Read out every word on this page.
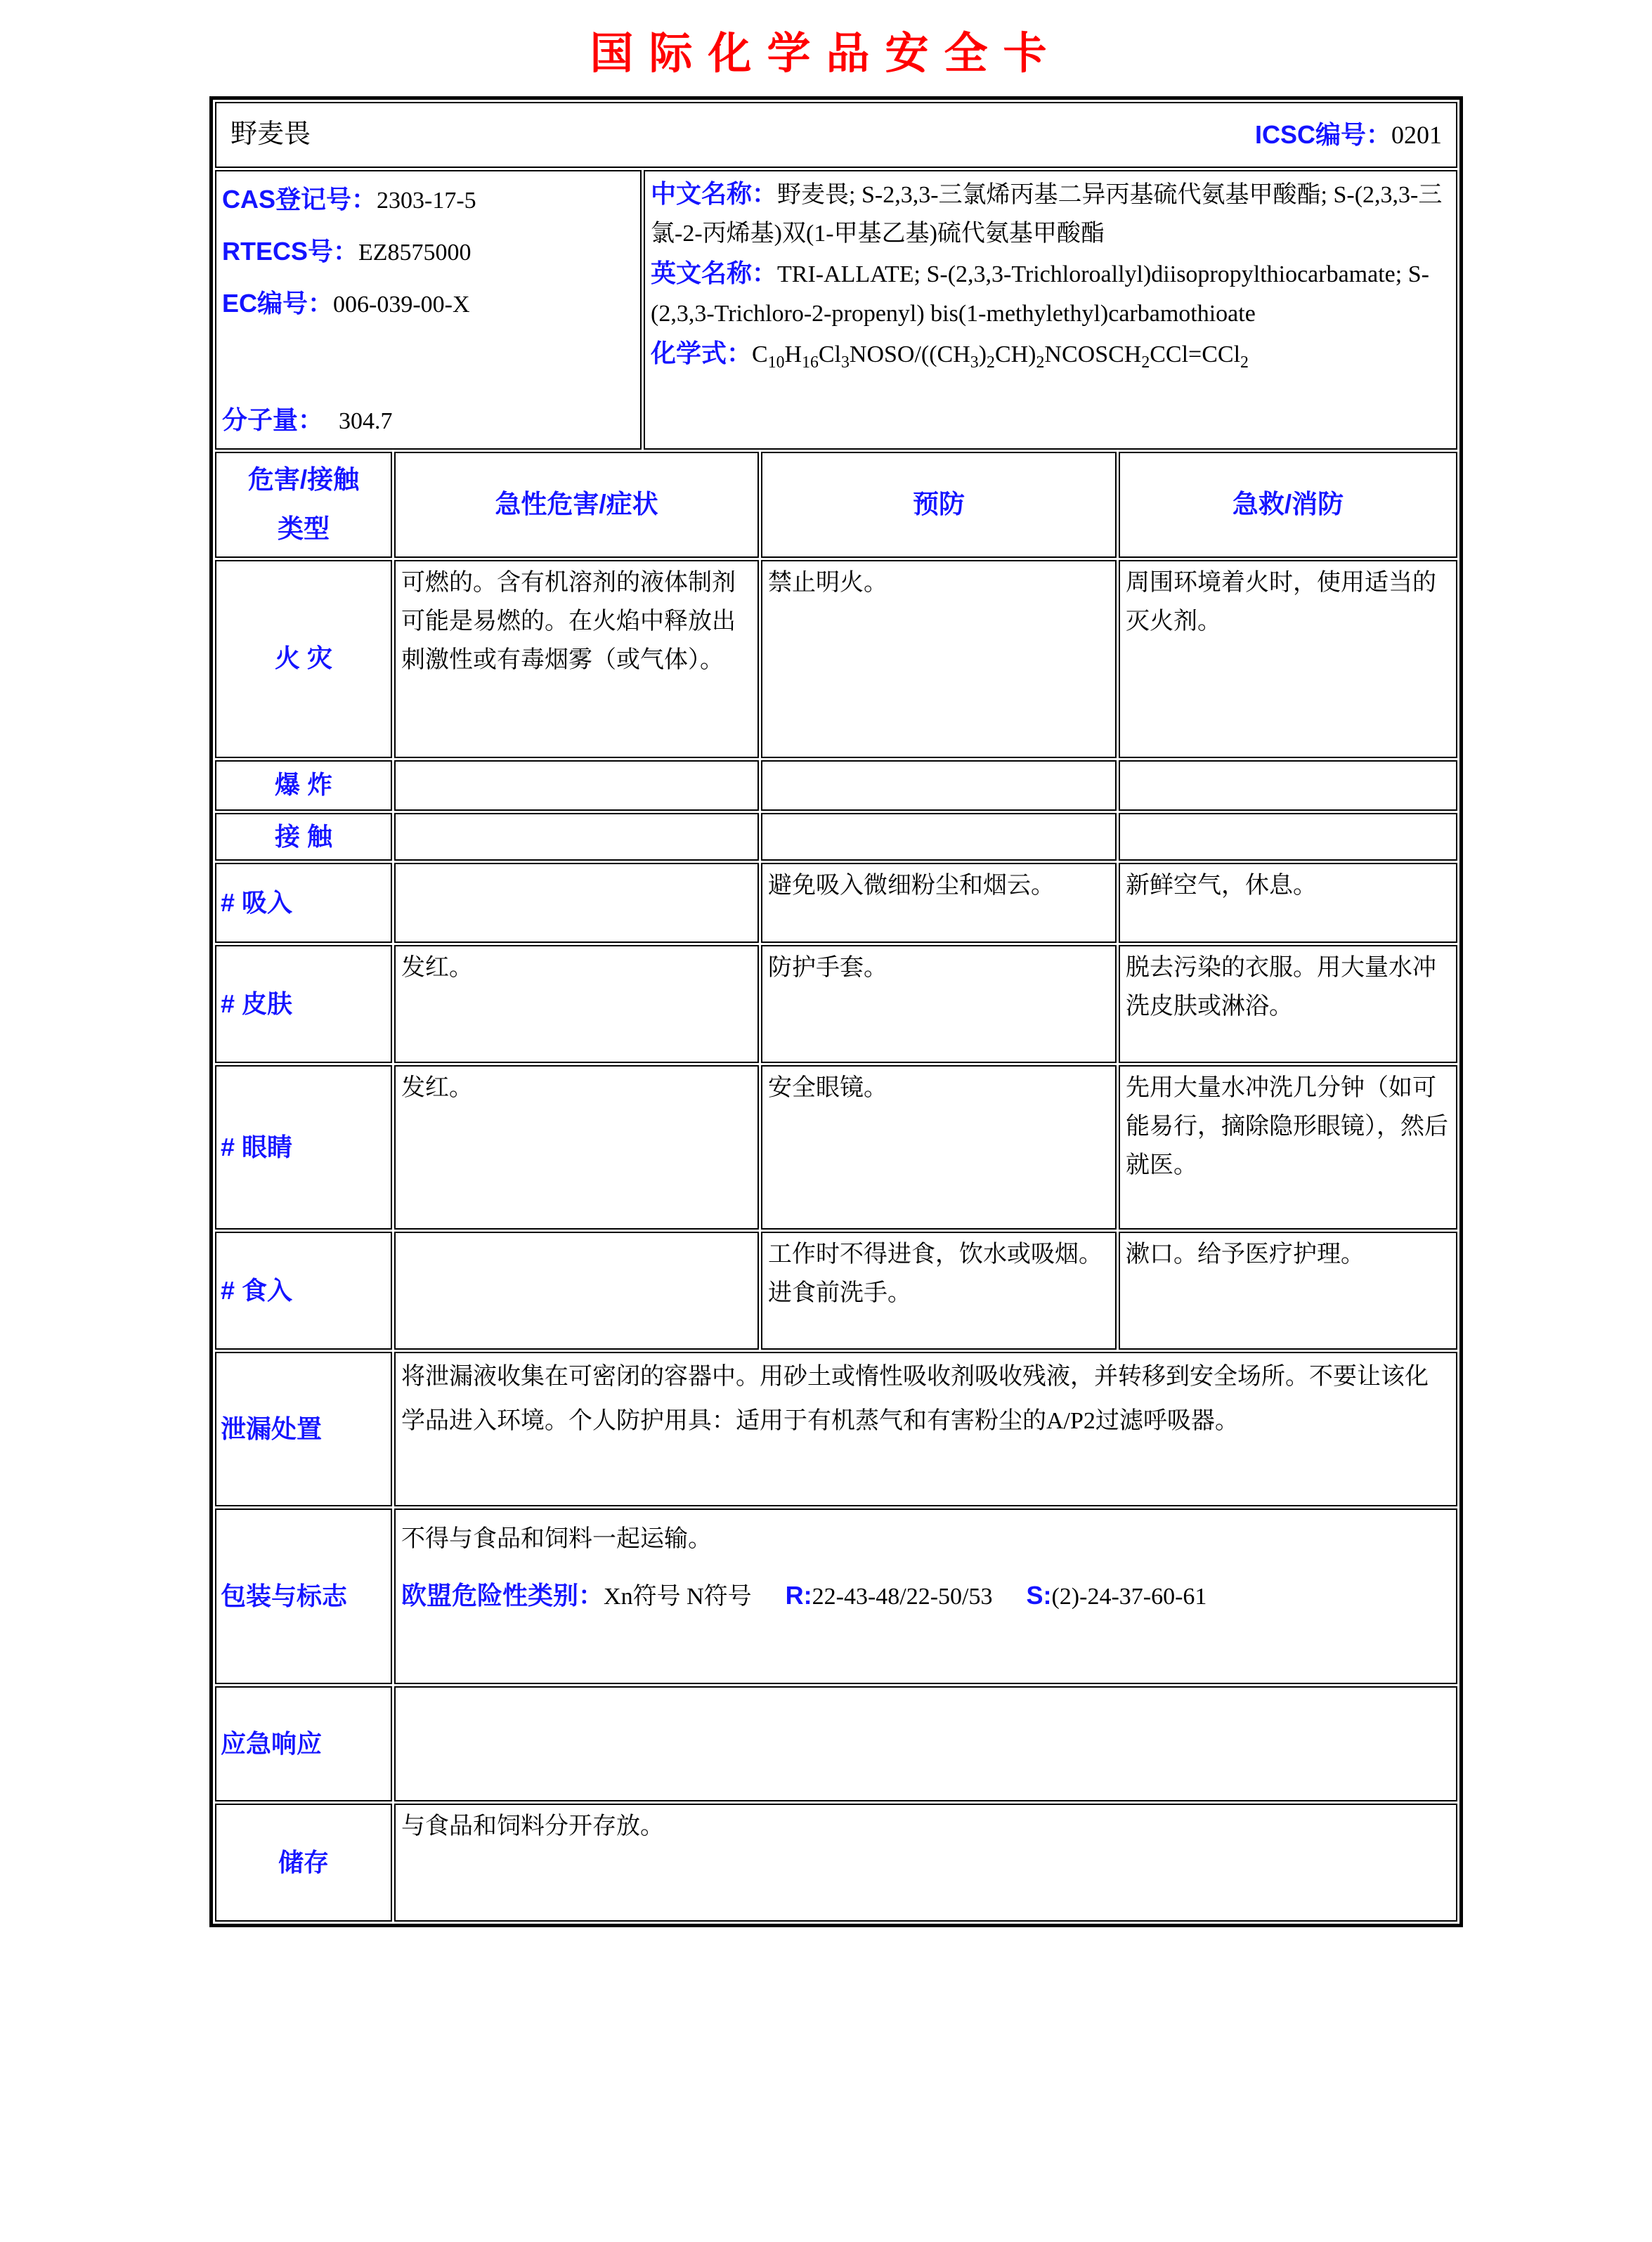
国际化学品安全卡
野麦畏 ICSC编号：0201				

CAS登记号：2303-17-5
RTECS号：EZ8575000
EC编号：006-039-00-X
分子量： 304.7

中文名称：野麦畏; S-2,3,3-三氯烯丙基二异丙基硫代氨基甲酸酯; S-(2,3,3-三氯-2-丙烯基)双(1-甲基乙基)硫代氨基甲酸酯
英文名称：TRI-ALLATE; S-(2,3,3-Trichloroallyl)diisopropylthiocarbamate; S-(2,3,3-Trichloro-2-propenyl) bis(1-methylethyl)carbamothioate
化学式：$C_{10}H_{16}Cl_3NOSO/((CH_3)_2CH)_2NCOSCH_2CCl=CCl_2$

危害/接触
类型	急性危害/症状		预防	急救/消防
火 灾	可燃的。含有机溶剂的液体制剂可能是易燃的。在火焰中释放出刺激性或有毒烟雾（或气体）。		禁止明火。	周围环境着火时，使用适当的灭火剂。
爆 炸				
接 触				
# 吸入			避免吸入微细粉尘和烟云。	新鲜空气，休息。
# 皮肤	发红。		防护手套。	脱去污染的衣服。用大量水冲洗皮肤或淋浴。
# 眼睛	发红。		安全眼镜。	先用大量水冲洗几分钟（如可能易行，摘除隐形眼镜），然后就医。
# 食入			工作时不得进食，饮水或吸烟。进食前洗手。	漱口。给予医疗护理。
泄漏处置	将泄漏液收集在可密闭的容器中。用砂土或惰性吸收剂吸收残液，并转移到安全场所。不要让该化学品进入环境。个人防护用具：适用于有机蒸气和有害粉尘的A/P2过滤呼吸器。			
包装与标志	不得与食品和饲料一起运输。
欧盟危险性类别：Xn符号 N符号 R:22-43-48/22-50/53 S:(2)-24-37-60-61			

应急响应				
储存	与食品和饲料分开存放。			
